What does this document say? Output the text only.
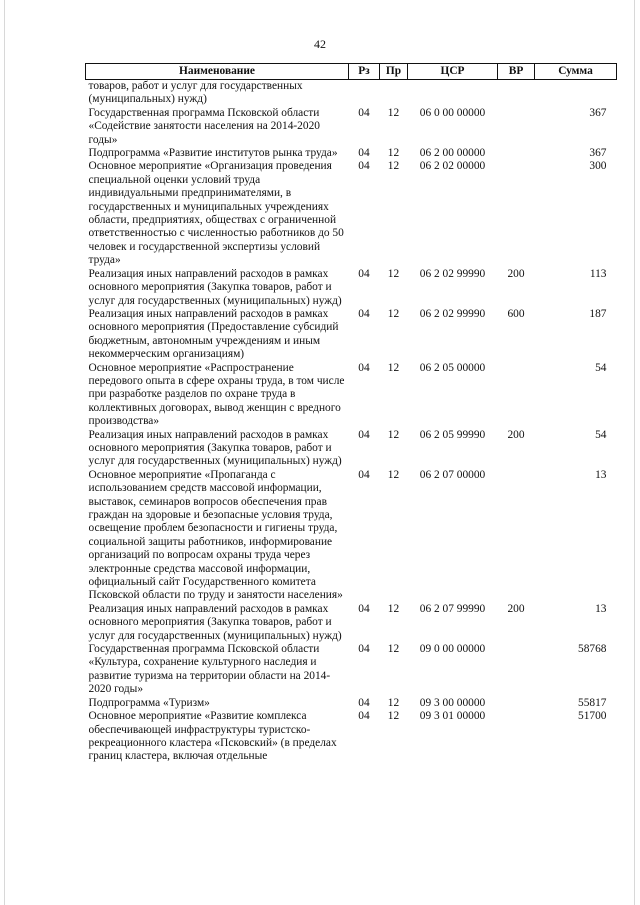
42
Наименование	Рз	Пр	ЦСР	ВР	Сумма
товаров, работ и услуг для государственных (муниципальных) нужд)					
Государственная программа Псковской области «Содействие занятости населения на 2014-2020 годы»	04	12	06 0 00 00000		367
Подпрограмма «Развитие институтов рынка труда»	04	12	06 2 00 00000		367
Основное мероприятие «Организация проведения специальной оценки условий труда индивидуальными предпринимателями, в государственных и муниципальных учреждениях области, предприятиях, обществах с ограниченной ответственностью с численностью работников до 50 человек и государственной экспертизы условий труда»	04	12	06 2 02 00000		300
Реализация иных направлений расходов в рамках основного мероприятия (Закупка товаров, работ и услуг для государственных (муниципальных) нужд)	04	12	06 2 02 99990	200	113
Реализация иных направлений расходов в рамках основного мероприятия (Предоставление субсидий бюджетным, автономным учреждениям и иным некоммерческим организациям)	04	12	06 2 02 99990	600	187
Основное мероприятие «Распространение передового опыта в сфере охраны труда, в том числе при разработке разделов по охране труда в коллективных договорах, вывод женщин с вредного производства»	04	12	06 2 05 00000		54
Реализация иных направлений расходов в рамках основного мероприятия (Закупка товаров, работ и услуг для государственных (муниципальных) нужд)	04	12	06 2 05 99990	200	54
Основное мероприятие «Пропаганда с использованием средств массовой информации, выставок, семинаров вопросов обеспечения прав граждан на здоровые и безопасные условия труда, освещение проблем безопасности и гигиены труда, социальной защиты работников, информирование организаций по вопросам охраны труда через электронные средства массовой информации, официальный сайт Государственного комитета Псковской области по труду и занятости населения»	04	12	06 2 07 00000		13
Реализация иных направлений расходов в рамках основного мероприятия (Закупка товаров, работ и услуг для государственных (муниципальных) нужд)	04	12	06 2 07 99990	200	13
Государственная программа Псковской области «Культура, сохранение культурного наследия и развитие туризма на территории области на 2014-2020 годы»	04	12	09 0 00 00000		58768
Подпрограмма «Туризм»	04	12	09 3 00 00000		55817
Основное мероприятие «Развитие комплекса обеспечивающей инфраструктуры туристско-рекреационного кластера «Псковский» (в пределах границ кластера, включая отдельные	04	12	09 3 01 00000		51700
